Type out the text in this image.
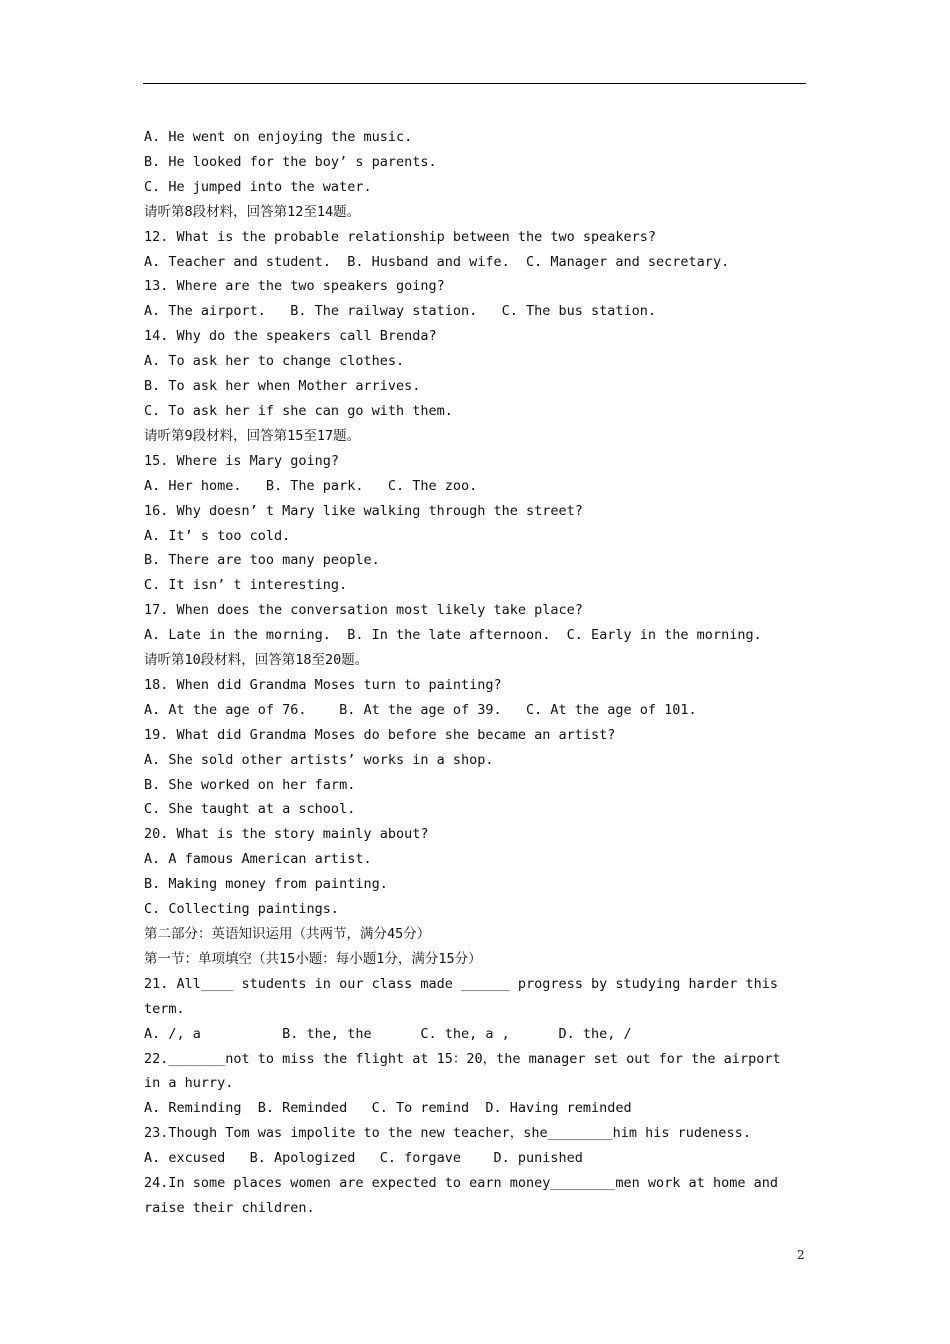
A. He went on enjoying the music.
B. He looked for the boy’ s parents.
C. He jumped into the water.
请听第8段材料，回答第12至14题。
12. What is the probable relationship between the two speakers?
A. Teacher and student.  B. Husband and wife.  C. Manager and secretary.
13. Where are the two speakers going?
A. The airport.   B. The railway station.   C. The bus station.
14. Why do the speakers call Brenda?
A. To ask her to change clothes.
B. To ask her when Mother arrives.
C. To ask her if she can go with them.
请听第9段材料，回答第15至17题。
15. Where is Mary going?
A. Her home.   B. The park.   C. The zoo.
16. Why doesn’ t Mary like walking through the street?
A. It’ s too cold.
B. There are too many people.
C. It isn’ t interesting.
17. When does the conversation most likely take place?
A. Late in the morning.  B. In the late afternoon.  C. Early in the morning.
请听第10段材料，回答第18至20题。
18. When did Grandma Moses turn to painting?
A. At the age of 76.    B. At the age of 39.   C. At the age of 101.
19. What did Grandma Moses do before she became an artist?
A. She sold other artists’ works in a shop.
B. She worked on her farm.
C. She taught at a school.
20. What is the story mainly about?
A. A famous American artist.
B. Making money from painting.
C. Collecting paintings.
第二部分：英语知识运用（共两节，满分45分）
第一节：单项填空（共15小题：每小题1分，满分15分）
21. All____ students in our class made ______ progress by studying harder this
term.
A. /, a          B. the, the      C. the, a ,      D. the, /
22._______not to miss the flight at 15：20，the manager set out for the airport
in a hurry.
A. Reminding  B. Reminded   C. To remind  D. Having reminded
23.Though Tom was impolite to the new teacher，she________him his rudeness.
A. excused   B. Apologized   C. forgave    D. punished
24.In some places women are expected to earn money________men work at home and
raise their children.
2
